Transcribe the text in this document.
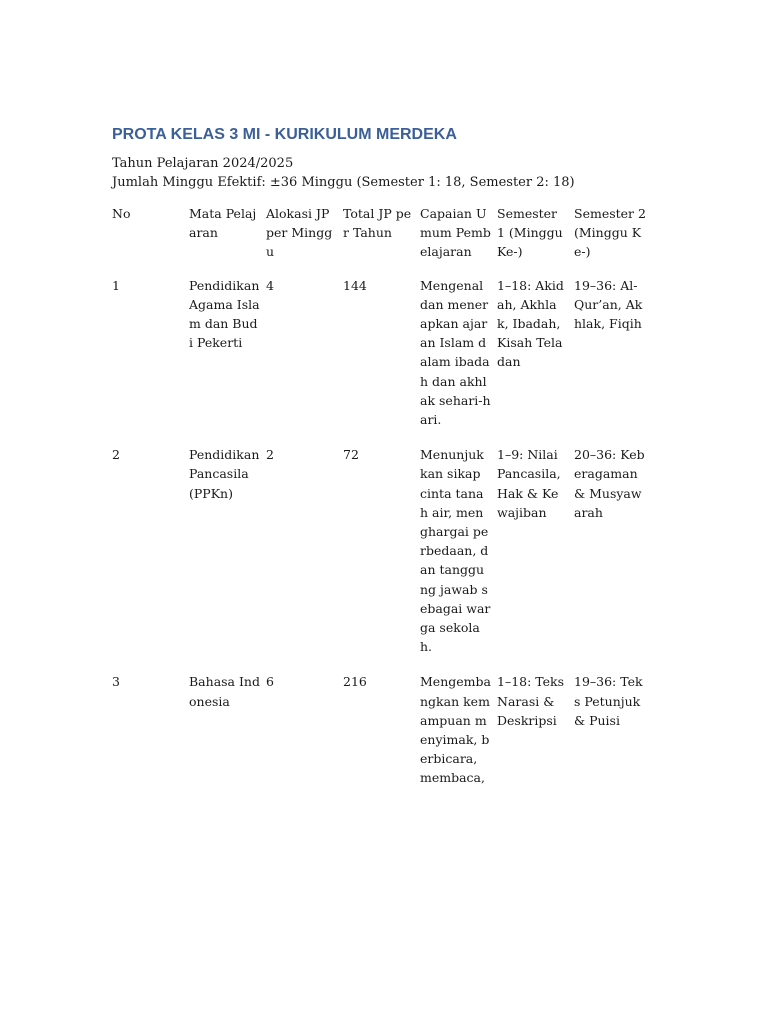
PROTA KELAS 3 MI - KURIKULUM MERDEKA

Tahun Pelajaran 2024/2025

Jumlah Minggu Efektif: ±36 Minggu (Semester 1: 18, Semester 2: 18)

No	Mata Pelajaran	Alokasi JP per Minggu	Total JP per Tahun	Capaian Umum Pembelajaran	Semester 1 (Minggu Ke-)	Semester 2 (Minggu Ke-)
1	Pendidikan Agama Islam dan Budi Pekerti	4	144	Mengenal dan menerapkan ajaran Islam dalam ibadah dan akhlak sehari-hari.	1–18: Akidah, Akhlak, Ibadah, Kisah Teladan	19–36: Al-Qur’an, Akhlak, Fiqih
2	Pendidikan Pancasila (PPKn)	2	72	Menunjukkan sikap cinta tanah air, menghargai perbedaan, dan tanggung jawab sebagai warga sekolah.	1–9: Nilai Pancasila, Hak & Kewajiban	20–36: Keberagaman & Musyawarah
3	Bahasa Indonesia	6	216	Mengembangkan kemampuan menyimak, berbicara, membaca,	1–18: Teks Narasi & Deskripsi	19–36: Teks Petunjuk & Puisi
